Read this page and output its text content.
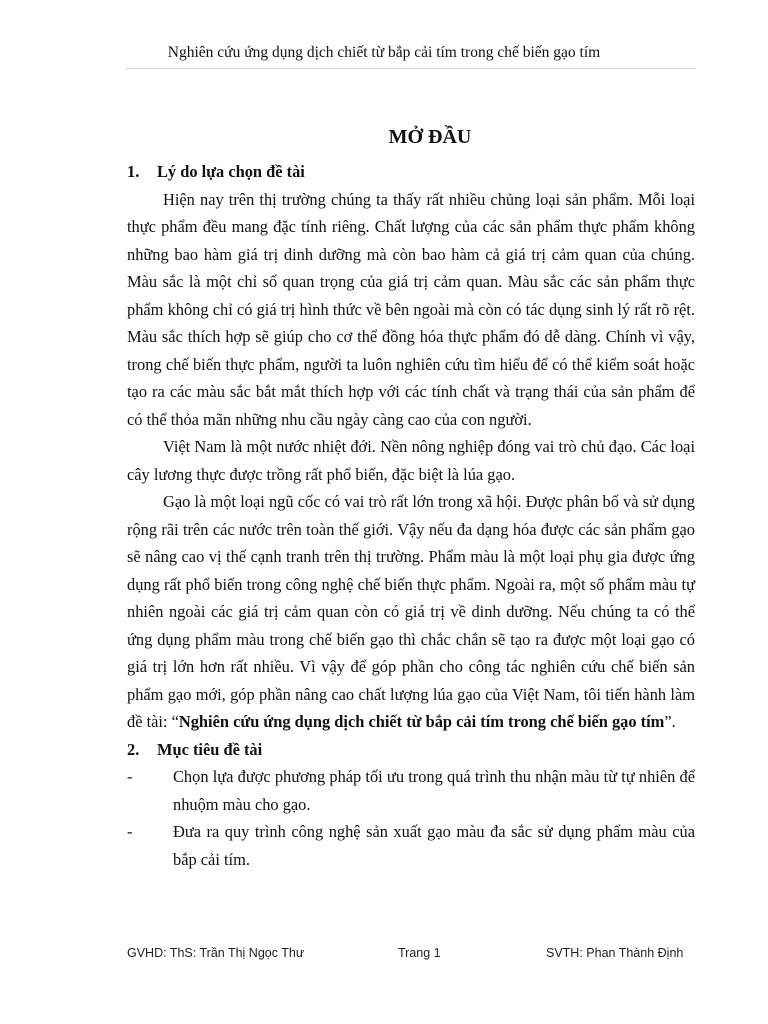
Nghiên cứu ứng dụng dịch chiết từ bắp cải tím trong chế biến gạo tím
MỞ ĐẦU

1. Lý do lựa chọn đề tài

Hiện nay trên thị trường chúng ta thấy rất nhiều chủng loại sản phẩm. Mỗi loại thực phẩm đều mang đặc tính riêng. Chất lượng của các sản phẩm thực phẩm không những bao hàm giá trị dinh dưỡng mà còn bao hàm cả giá trị cảm quan của chúng. Màu sắc là một chỉ số quan trọng của giá trị cảm quan. Màu sắc các sản phẩm thực phẩm không chỉ có giá trị hình thức về bên ngoài mà còn có tác dụng sinh lý rất rõ rệt. Màu sắc thích hợp sẽ giúp cho cơ thể đồng hóa thực phẩm đó dễ dàng. Chính vì vậy, trong chế biến thực phẩm, người ta luôn nghiên cứu tìm hiểu để có thể kiểm soát hoặc tạo ra các màu sắc bắt mắt thích hợp với các tính chất và trạng thái của sản phẩm để có thể thỏa mãn những nhu cầu ngày càng cao của con người.

Việt Nam là một nước nhiệt đới. Nền nông nghiệp đóng vai trò chủ đạo. Các loại cây lương thực được trồng rất phổ biến, đặc biệt là lúa gạo.

Gạo là một loại ngũ cốc có vai trò rất lớn trong xã hội. Được phân bố và sử dụng rộng rãi trên các nước trên toàn thế giới. Vậy nếu đa dạng hóa được các sản phẩm gạo sẽ nâng cao vị thế cạnh tranh trên thị trường. Phẩm màu là một loại phụ gia được ứng dụng rất phổ biến trong công nghệ chế biến thực phẩm. Ngoài ra, một số phẩm màu tự nhiên ngoài các giá trị cảm quan còn có giá trị về dinh dưỡng. Nếu chúng ta có thể ứng dụng phẩm màu trong chế biến gạo thì chắc chắn sẽ tạo ra được một loại gạo có giá trị lớn hơn rất nhiều. Vì vậy để góp phần cho công tác nghiên cứu chế biến sản phẩm gạo mới, góp phần nâng cao chất lượng lúa gạo của Việt Nam, tôi tiến hành làm đề tài: “Nghiên cứu ứng dụng dịch chiết từ bắp cải tím trong chế biến gạo tím”.

2. Mục tiêu đề tài

- Chọn lựa được phương pháp tối ưu trong quá trình thu nhận màu từ tự nhiên để nhuộm màu cho gạo.

- Đưa ra quy trình công nghệ sản xuất gạo màu đa sắc sử dụng phẩm màu của bắp cải tím.

GVHD: ThS: Trần Thị Ngọc Thư	Trang 1	SVTH: Phan Thành Định
